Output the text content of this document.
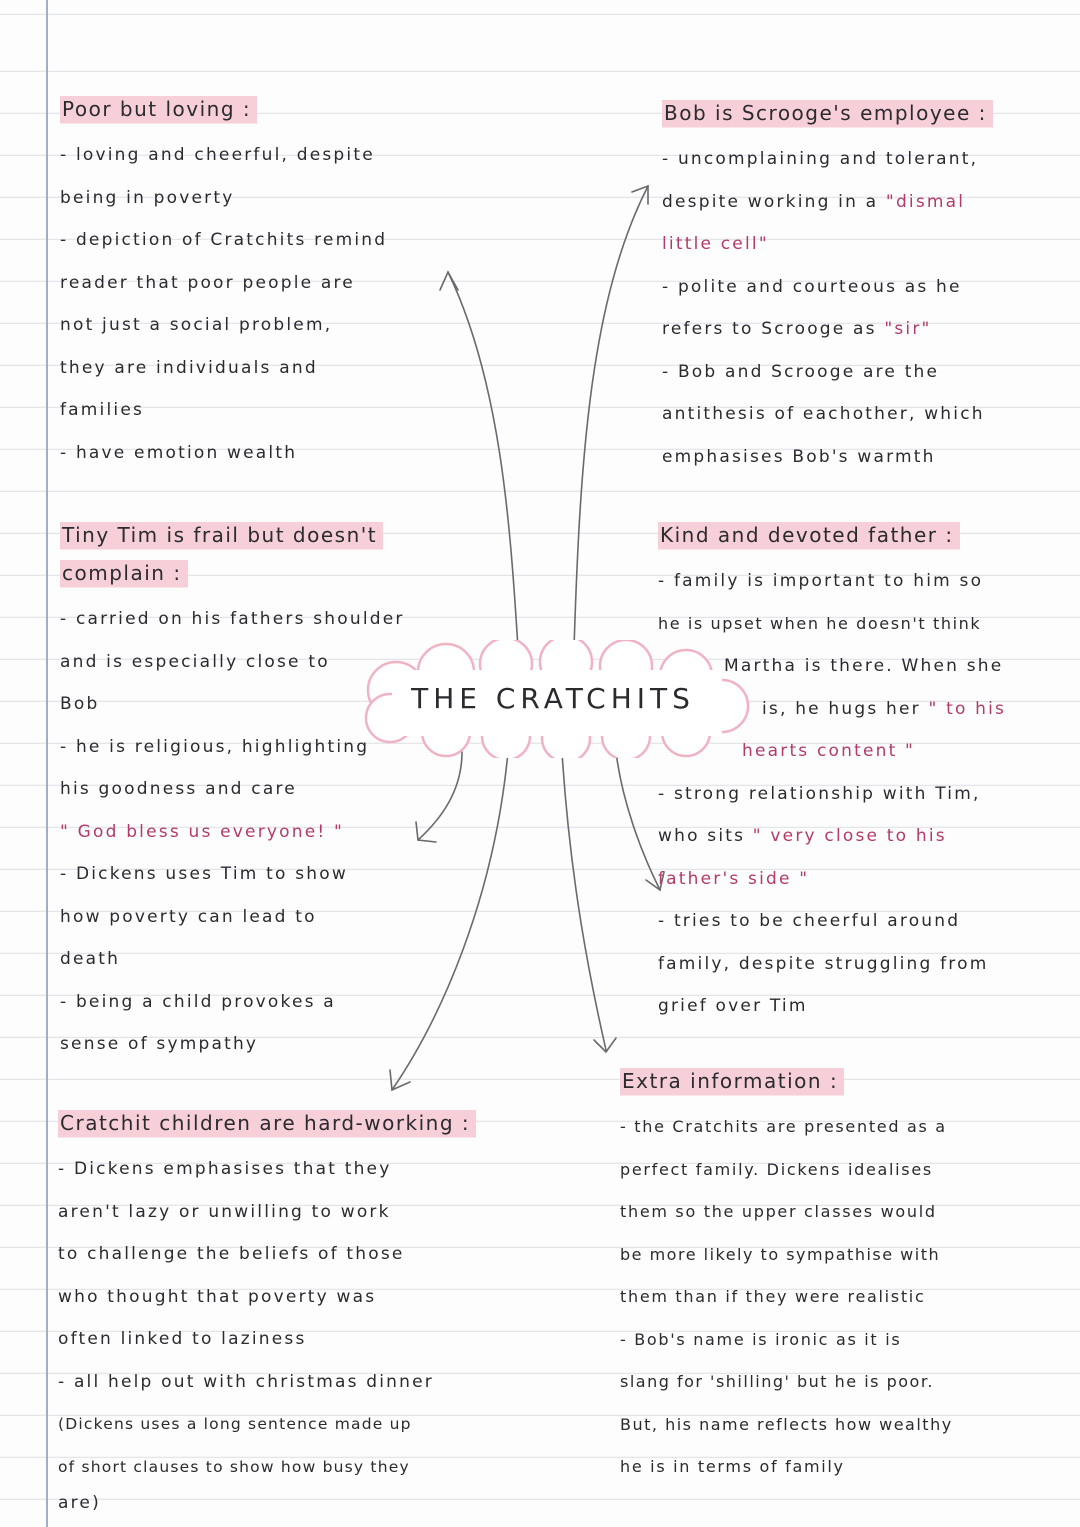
THE CRATCHITS
Poor but loving :
- loving and cheerful, despite
being in poverty
- depiction of Cratchits remind
reader that poor people are
not just a social problem,
they are individuals and
families
- have emotion wealth
Bob is Scrooge's employee :
- uncomplaining and tolerant,
despite working in a "dismal
little cell"
- polite and courteous as he
refers to Scrooge as "sir"
- Bob and Scrooge are the
antithesis of eachother, which
emphasises Bob's warmth
Tiny Tim is frail but doesn't
complain :
- carried on his fathers shoulder
and is especially close to
Bob
- he is religious, highlighting
his goodness and care
" God bless us everyone! "
- Dickens uses Tim to show
how poverty can lead to
death
- being a child provokes a
sense of sympathy
Kind and devoted father :
- family is important to him so
he is upset when he doesn't think
Martha is there. When she
is, he hugs her " to his
hearts content "
- strong relationship with Tim,
who sits " very close to his
father's side "
- tries to be cheerful around
family, despite struggling from
grief over Tim
Cratchit children are hard-working :
- Dickens emphasises that they
aren't lazy or unwilling to work
to challenge the beliefs of those
who thought that poverty was
often linked to laziness
- all help out with christmas dinner
(Dickens uses a long sentence made up
of short clauses to show how busy they
are)
Extra information :
- the Cratchits are presented as a
perfect family. Dickens idealises
them so the upper classes would
be more likely to sympathise with
them than if they were realistic
- Bob's name is ironic as it is
slang for 'shilling' but he is poor.
But, his name reflects how wealthy
he is in terms of family
